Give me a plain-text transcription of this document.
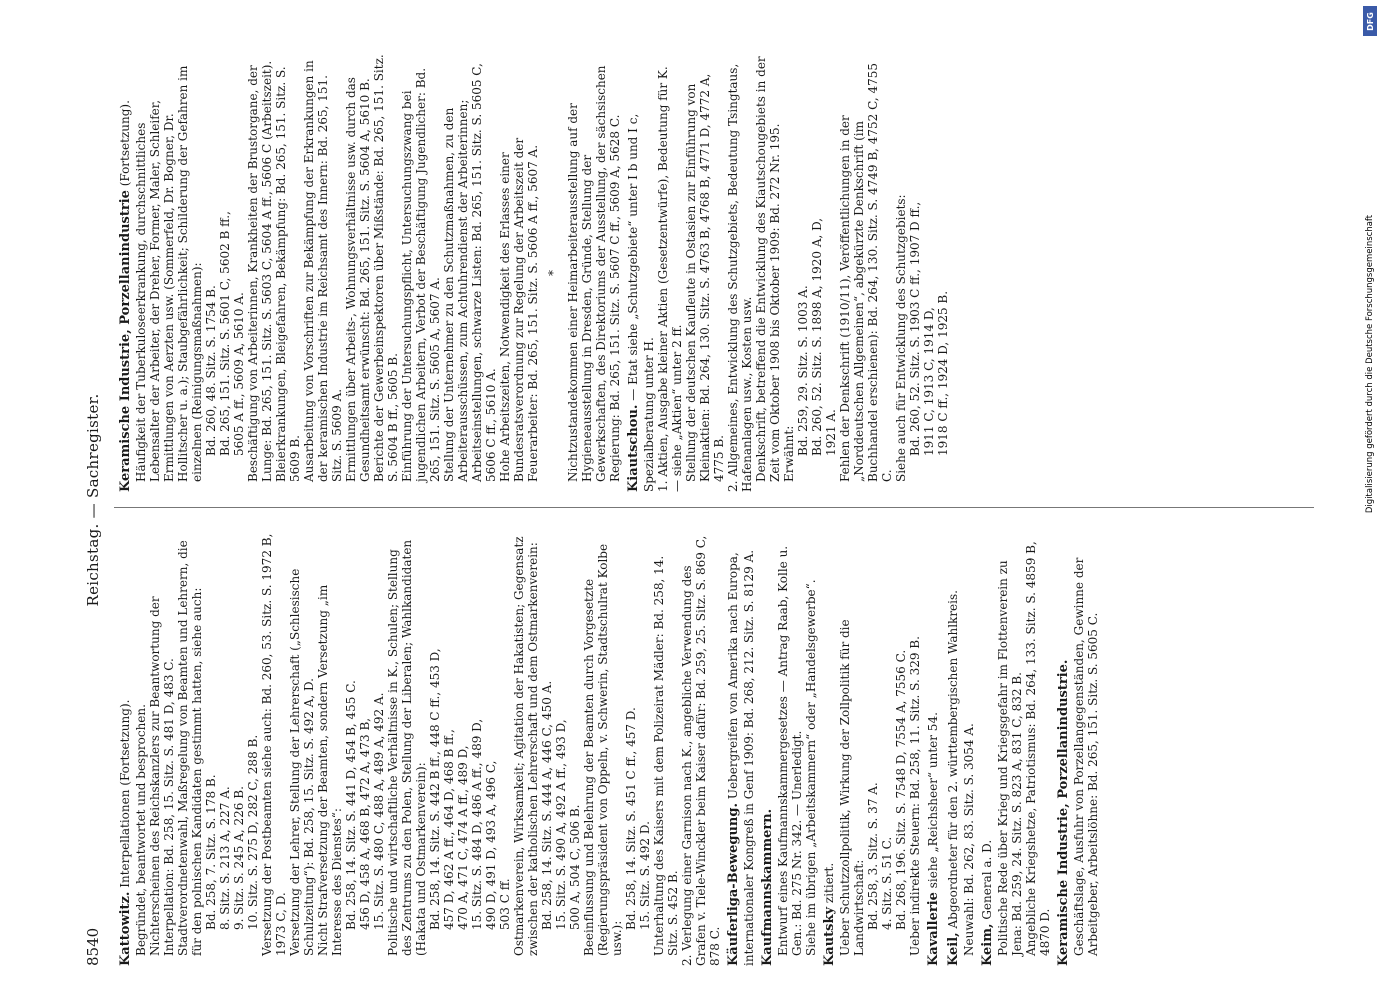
8540
Reichstag. — Sachregister.
Kattowitz. Interpellationen (Fortsetzung). Begründet, beantwortet und besprochen. Nichterscheinen des Reichskanzlers zur Beantwortung der Interpellation: Bd. 258, 15. Sitz. S. 481 D, 483 C. Stadtverordnetenwahl, Maßregelung von Beamten und Lehrern, die für den polnischen Kandidaten gestimmt hatten, siehe auch: Bd. 258, 7. Sitz. S. 178 B. 8. Sitz. S. 213 A, 227 A. 9. Sitz. S. 245 A, 226 B. 10. Sitz. S. 275 D, 282 C, 288 B. Versetzung der Postbeamten siehe auch: Bd. 260, 53. Sitz. S. 1972 B, 1973 C, D. Versetzung der Lehrer, Stellung der Lehrerschaft („Schlesische Schulzeitung“): Bd. 258, 15. Sitz. S. 492 A, D. Nicht Strafversetzung der Beamten, sondern Versetzung „im Interesse des Dienstes“: Bd. 258, 14. Sitz. S. 441 D, 454 B, 455 C. 456 D, 458 A, 468 B, 472 A, 473 B, 15. Sitz. S. 480 C, 488 A, 489 A, 492 A. Politische und wirtschaftliche Verhältnisse in K., Schulen; Stellung des Zentrums zu den Polen, Stellung der Liberalen; Wahlkandidaten (Hakata und Ostmarkenverein): Bd. 258, 14. Sitz. S. 442 B ff., 448 C ff., 453 D, 457 D, 462 A ff., 464 D, 468 B ff., 470 A, 471 C, 474 A ff., 489 D, 15. Sitz. S. 484 D, 486 A ff., 489 D, 490 D, 491 D, 493 A, 496 C, 503 C ff. Ostmarkenverein, Wirksamkeit; Agitation der Hakatisten; Gegensatz zwischen der katholischen Lehrerschaft und dem Ostmarkenverein: Bd. 258, 14. Sitz. S. 444 A, 446 C, 450 A. 15. Sitz. S. 490 A, 492 A ff., 493 D, 500 A, 504 C, 506 B. Beeinflussung und Belehrung der Beamten durch Vorgesetzte (Regierungspräsident von Oppeln, v. Schwerin, Stadtschulrat Kolbe usw.):
Bd. 258, 14. Sitz. S. 451 C ff., 457 D. 15. Sitz. S. 492 D. Unterhaltung des Kaisers mit dem Polizeirat Mädler: Bd. 258, 14. Sitz. S. 452 B. 2. Verlegung einer Garnison nach K., angebliche Verwendung des Grafen v. Tiele-Winckler beim Kaiser dafür: Bd. 259, 25. Sitz. S. 869 C, 878 C. Käuferliga-Bewegung. Uebergreifen von Amerika nach Europa, internationaler Kongreß in Genf 1909: Bd. 268, 212. Sitz. S. 8129 A. Kaufmannskammern. Entwurf eines Kaufmannskammergesetzes — Antrag Raab, Kolle u. Gen.: Bd. 275 Nr. 342. — Unerledigt. Siehe im übrigen „Arbeitskammern“ oder „Handelsgewerbe“. Kautsky zitiert. Ueber Schutzzollpolitik, Wirkung der Zollpolitik für die Landwirtschaft: Bd. 258, 3. Sitz. S. 37 A. 4. Sitz. S. 51 C. Bd. 268, 196. Sitz. S. 7548 D, 7554 A, 7556 C. Ueber indirekte Steuern: Bd. 258, 11. Sitz. S. 329 B. Kavallerie siehe „Reichsheer“ unter 54.
Keil, Abgeordneter für den 2. württembergischen Wahlkreis. Neuwahl: Bd. 262, 83. Sitz. S. 3054 A. Keim, General a. D. Politische Rede über Krieg und Kriegsgefahr im Flottenverein zu Jena: Bd. 259, 24. Sitz. S. 823 A, 831 C, 832 B. Angebliche Kriegshetze, Patriotismus: Bd. 264, 133. Sitz. S. 4859 B, 4870 D. Keramische Industrie, Porzellanindustrie. Geschäftslage, Ausfuhr von Porzellangegenständen, Gewinne der Arbeitgeber, Arbeitslöhne: Bd. 265, 151. Sitz. S. 5605 C.
Keramische Industrie, Porzellanindustrie (Fortsetzung). Häufigkeit der Tuberkuloseerkrankung, durchschnittliches Lebensalter der Arbeiter, der Dreher, Former, Maler, Schleifer, Ermittlungen von Aerzten usw. (Sommerfeld, Dr. Bogner, Dr. Hollitscher u. a.); Staubgefährlichkeit; Schilderung der Gefahren im einzelnen (Reinigungsmaßnahmen): Bd. 260, 48. Sitz. S. 1754 B. Bd. 265, 151. Sitz. S. 5601 C, 5602 B ff., 5605 A ff., 5609 A, 5610 A. Beschäftigung von Arbeiterinnen, Krankheiten der Brustorgane, der Lunge: Bd. 265, 151. Sitz. S. 5603 C, 5604 A ff., 5606 C (Arbeitszeit). Bleierkrankungen, Bleigefahren, Bekämpfung: Bd. 265, 151. Sitz. S. 5609 B. Ausarbeitung von Vorschriften zur Bekämpfung der Erkrankungen in der keramischen Industrie im Reichsamt des Innern: Bd. 265, 151. Sitz. S. 5609 A. Ermittlungen über Arbeits-, Wohnungsverhältnisse usw. durch das Gesundheitsamt erwünscht: Bd. 265, 151. Sitz. S. 5604 A, 5610 B. Berichte der Gewerbeinspektoren über Mißstände: Bd. 265, 151. Sitz. S. 5604 B ff., 5605 B. Einführung der Untersuchungspflicht, Untersuchungszwang bei jugendlichen Arbeitern, Verbot der Beschäftigung Jugendlicher: Bd. 265, 151. Sitz. S. 5605 A, 5607 A. Stellung der Unternehmer zu den Schutzmaßnahmen, zu den Arbeiterausschüssen, zum Achtuhrendienst der Arbeiterinnen; Arbeitseinstellungen, schwarze Listen: Bd. 265, 151. Sitz. S. 5605 C, 5606 C ff., 5610 A. Hohe Arbeitszeiten, Notwendigkeit des Erlasses einer Bundesratsverordnung zur Regelung der Arbeitszeit der Feuerarbeiter: Bd. 265, 151. Sitz. S. 5606 A ff., 5607 A. * Nichtzustandekommen einer Heimarbeiterausstellung auf der Hygieneausstellung in Dresden, Gründe, Stellung der Gewerkschaften, des Direktoriums der Ausstellung, der sächsischen Regierung: Bd. 265, 151. Sitz. S. 5607 C ff., 5609 A, 5628 C. Kiautschou. — Etat siehe „Schutzgebiete“ unter I b und I c, Spezialberatung unter H. 1. Aktien, Ausgabe kleiner Aktien (Gesetzentwürfe), Bedeutung für K. — siehe „Aktien“ unter 2 ff. Stellung der deutschen Kaufleute in Ostasien zur Einführung von Kleinaktien: Bd. 264, 130. Sitz. S. 4763 B, 4768 B, 4771 D, 4772 A, 4775 B. 2. Allgemeines, Entwicklung des Schutzgebiets, Bedeutung Tsingtaus, Hafenanlagen usw., Kosten usw. Denkschrift, betreffend die Entwicklung des Kiautschougebiets in der Zeit vom Oktober 1908 bis Oktober 1909: Bd. 272 Nr. 195. Erwähnt: Bd. 259, 29. Sitz. S. 1003 A. Bd. 260, 52. Sitz. S. 1898 A, 1920 A, D, 1921 A. Fehlen der Denkschrift (1910/11), Veröffentlichungen in der „Norddeutschen Allgemeinen“, abgekürzte Denkschrift (im Buchhandel erschienen): Bd. 264, 130. Sitz. S. 4749 B, 4752 C, 4755 C. Siehe auch für Entwicklung des Schutzgebiets: Bd. 260, 52. Sitz. S. 1903 C ff., 1907 D ff., 1911 C, 1913 C, 1914 D, 1918 C ff., 1924 D, 1925 B.
DFG
Digitalisierung gefördert durch die Deutsche Forschungsgemeinschaft
